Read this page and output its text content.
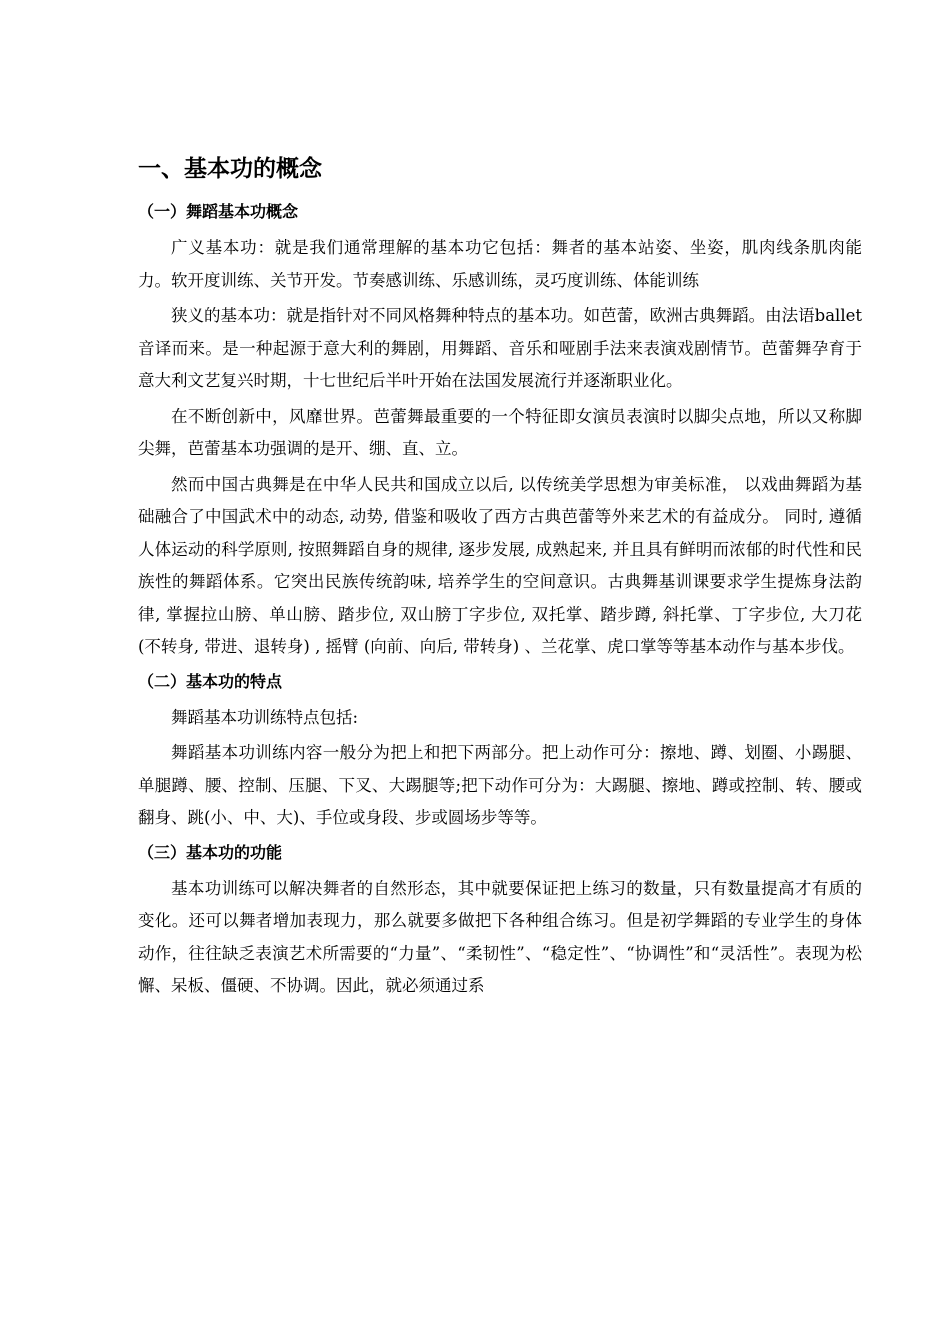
一、基本功的概念
（一）舞蹈基本功概念

广义基本功：就是我们通常理解的基本功它包括：舞者的基本站姿、坐姿，肌肉线条肌肉能力。软开度训练、关节开发。节奏感训练、乐感训练，灵巧度训练、体能训练

狭义的基本功：就是指针对不同风格舞种特点的基本功。如芭蕾，欧洲古典舞蹈。由法语ballet音译而来。是一种起源于意大利的舞剧，用舞蹈、音乐和哑剧手法来表演戏剧情节。芭蕾舞孕育于意大利文艺复兴时期，十七世纪后半叶开始在法国发展流行并逐渐职业化。

在不断创新中，风靡世界。芭蕾舞最重要的一个特征即女演员表演时以脚尖点地，所以又称脚尖舞，芭蕾基本功强调的是开、绷、直、立。

然而中国古典舞是在中华人民共和国成立以后, 以传统美学思想为审美标准， 以戏曲舞蹈为基础融合了中国武术中的动态, 动势, 借鉴和吸收了西方古典芭蕾等外来艺术的有益成分。 同时, 遵循人体运动的科学原则, 按照舞蹈自身的规律, 逐步发展, 成熟起来, 并且具有鲜明而浓郁的时代性和民族性的舞蹈体系。它突出民族传统韵味, 培养学生的空间意识。古典舞基训课要求学生提炼身法韵律, 掌握拉山膀、单山膀、踏步位, 双山膀丁字步位, 双托掌、踏步蹲, 斜托掌、丁字步位, 大刀花 (不转身, 带进、退转身) , 摇臂 (向前、向后, 带转身) 、兰花掌、虎口掌等等基本动作与基本步伐。

（二）基本功的特点

舞蹈基本功训练特点包括:

舞蹈基本功训练内容一般分为把上和把下两部分。把上动作可分：擦地、蹲、划圈、小踢腿、单腿蹲、腰、控制、压腿、下叉、大踢腿等;把下动作可分为：大踢腿、擦地、蹲或控制、转、腰或翻身、跳(小、中、大)、手位或身段、步或圆场步等等。

（三）基本功的功能

基本功训练可以解决舞者的自然形态，其中就要保证把上练习的数量，只有数量提高才有质的变化。还可以舞者增加表现力，那么就要多做把下各种组合练习。但是初学舞蹈的专业学生的身体动作，往往缺乏表演艺术所需要的“力量”、“柔韧性”、“稳定性”、“协调性”和“灵活性”。表现为松懈、呆板、僵硬、不协调。因此，就必须通过系
